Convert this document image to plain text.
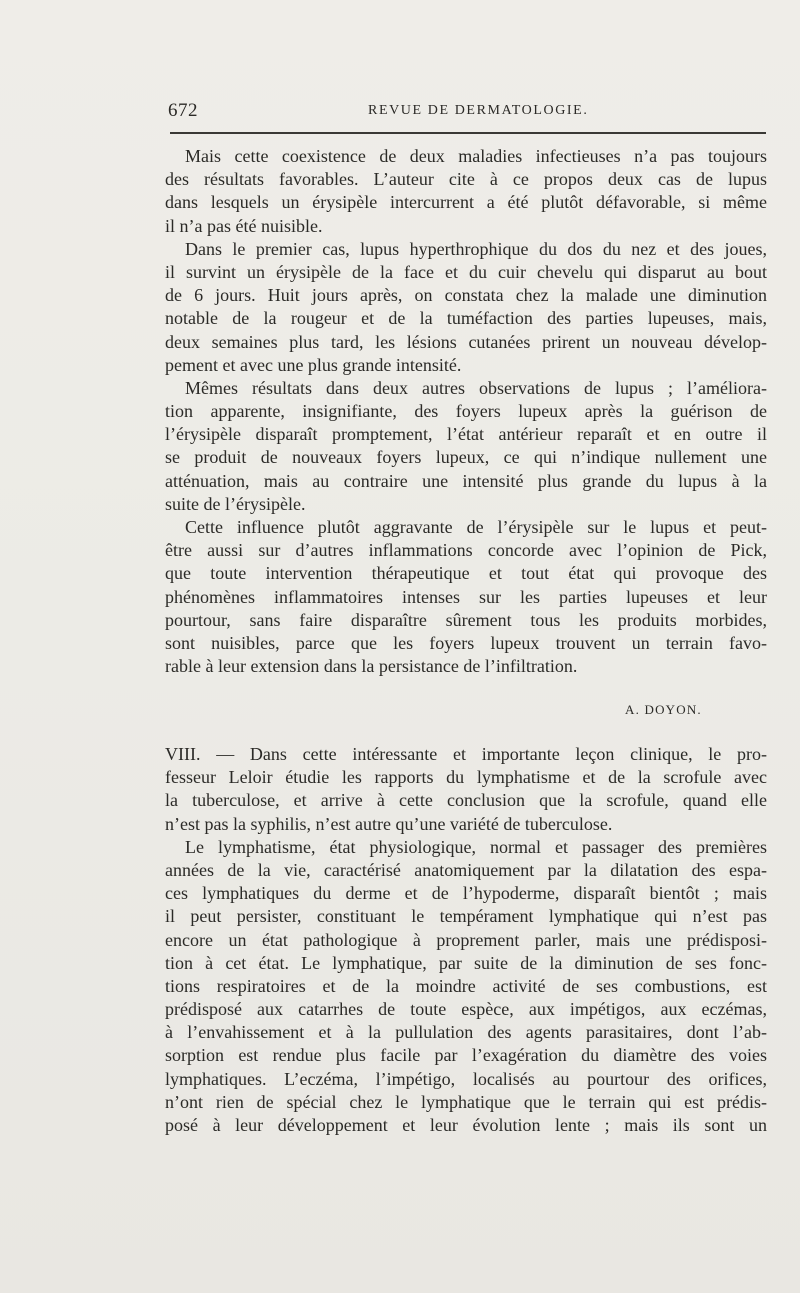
672	REVUE DE DERMATOLOGIE.
Mais cette coexistence de deux maladies infectieuses n’a pas toujours
des résultats favorables. L’auteur cite à ce propos deux cas de lupus
dans lesquels un érysipèle intercurrent a été plutôt défavorable, si même
il n’a pas été nuisible.
Dans le premier cas, lupus hyperthrophique du dos du nez et des joues,
il survint un érysipèle de la face et du cuir chevelu qui disparut au bout
de 6 jours. Huit jours après, on constata chez la malade une diminution
notable de la rougeur et de la tuméfaction des parties lupeuses, mais,
deux semaines plus tard, les lésions cutanées prirent un nouveau dévelop-
pement et avec une plus grande intensité.
Mêmes résultats dans deux autres observations de lupus ; l’améliora-
tion apparente, insignifiante, des foyers lupeux après la guérison de
l’érysipèle disparaît promptement, l’état antérieur reparaît et en outre il
se produit de nouveaux foyers lupeux, ce qui n’indique nullement une
atténuation, mais au contraire une intensité plus grande du lupus à la
suite de l’érysipèle.
Cette influence plutôt aggravante de l’érysipèle sur le lupus et peut-
être aussi sur d’autres inflammations concorde avec l’opinion de Pick,
que toute intervention thérapeutique et tout état qui provoque des
phénomènes inflammatoires intenses sur les parties lupeuses et leur
pourtour, sans faire disparaître sûrement tous les produits morbides,
sont nuisibles, parce que les foyers lupeux trouvent un terrain favo-
rable à leur extension dans la persistance de l’infiltration.
A. DOYON.
VIII. — Dans cette intéressante et importante leçon clinique, le pro-
fesseur Leloir étudie les rapports du lymphatisme et de la scrofule avec
la tuberculose, et arrive à cette conclusion que la scrofule, quand elle
n’est pas la syphilis, n’est autre qu’une variété de tuberculose.
Le lymphatisme, état physiologique, normal et passager des premières
années de la vie, caractérisé anatomiquement par la dilatation des espa-
ces lymphatiques du derme et de l’hypoderme, disparaît bientôt ; mais
il peut persister, constituant le tempérament lymphatique qui n’est pas
encore un état pathologique à proprement parler, mais une prédisposi-
tion à cet état. Le lymphatique, par suite de la diminution de ses fonc-
tions respiratoires et de la moindre activité de ses combustions, est
prédisposé aux catarrhes de toute espèce, aux impétigos, aux eczémas,
à l’envahissement et à la pullulation des agents parasitaires, dont l’ab-
sorption est rendue plus facile par l’exagération du diamètre des voies
lymphatiques. L’eczéma, l’impétigo, localisés au pourtour des orifices,
n’ont rien de spécial chez le lymphatique que le terrain qui est prédis-
posé à leur développement et leur évolution lente ; mais ils sont un
